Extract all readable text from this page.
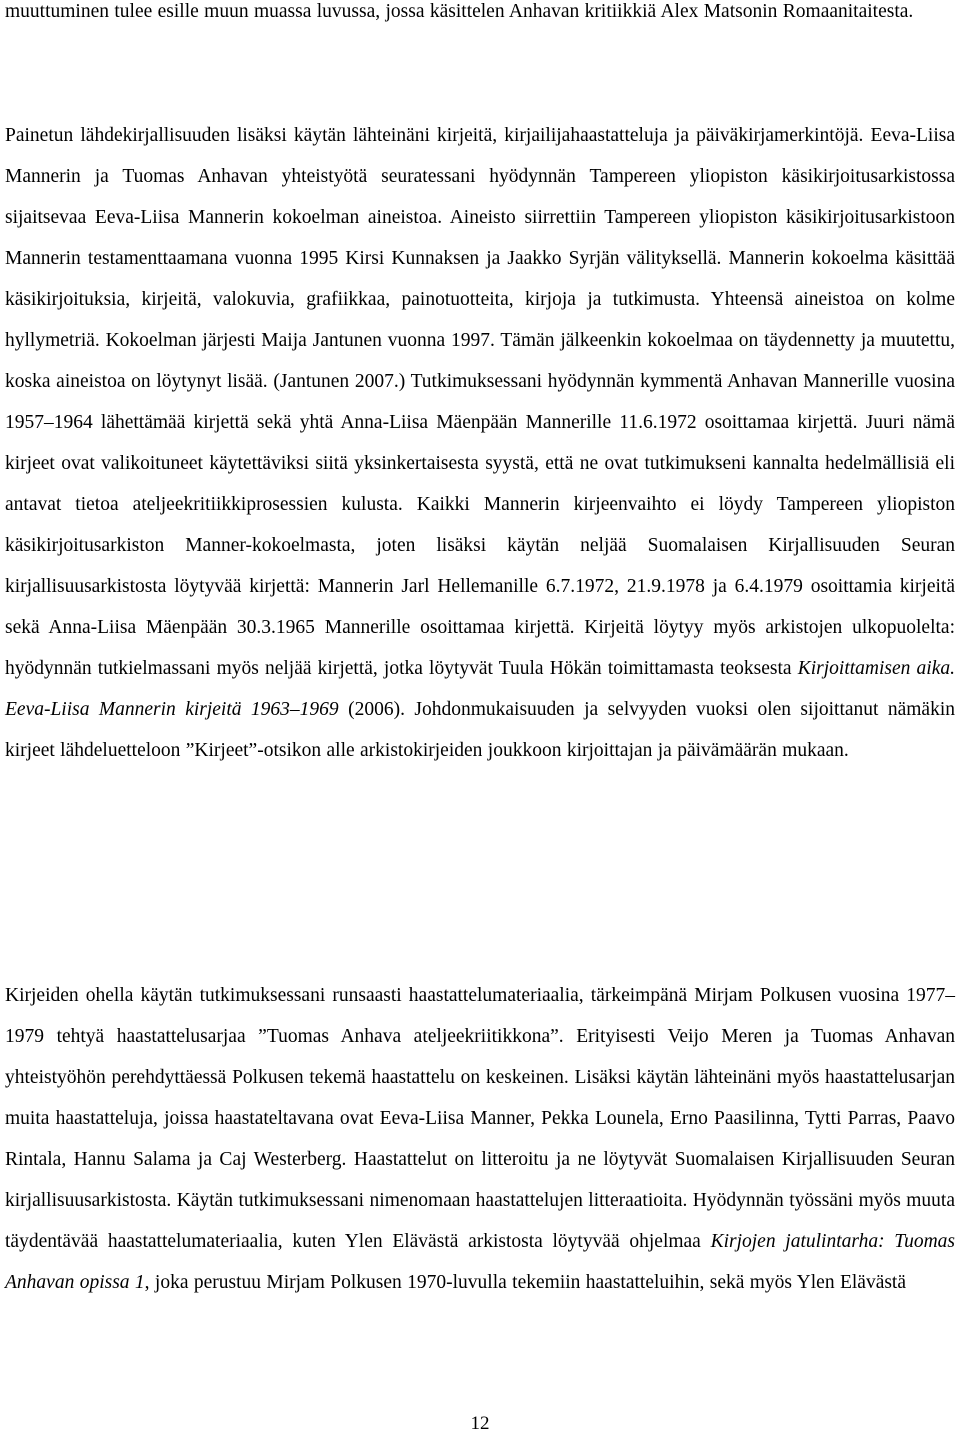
muuttuminen tulee esille muun muassa luvussa, jossa käsittelen Anhavan kritiikkiä Alex Matsonin Romaanitaitesta.

Painetun lähdekirjallisuuden lisäksi käytän lähteinäni kirjeitä, kirjailijahaastatteluja ja päiväkirjamerkintöjä. Eeva-Liisa Mannerin ja Tuomas Anhavan yhteistyötä seuratessani hyödynnän Tampereen yliopiston käsikirjoitusarkistossa sijaitsevaa Eeva-Liisa Mannerin kokoelman aineistoa. Aineisto siirrettiin Tampereen yliopiston käsikirjoitusarkistoon Mannerin testamenttaamana vuonna 1995 Kirsi Kunnaksen ja Jaakko Syrjän välityksellä. Mannerin kokoelma käsittää käsikirjoituksia, kirjeitä, valokuvia, grafiikkaa, painotuotteita, kirjoja ja tutkimusta. Yhteensä aineistoa on kolme hyllymetriä. Kokoelman järjesti Maija Jantunen vuonna 1997. Tämän jälkeenkin kokoelmaa on täydennetty ja muutettu, koska aineistoa on löytynyt lisää. (Jantunen 2007.) Tutkimuksessani hyödynnän kymmentä Anhavan Mannerille vuosina 1957–1964 lähettämää kirjettä sekä yhtä Anna-Liisa Mäenpään Mannerille 11.6.1972 osoittamaa kirjettä. Juuri nämä kirjeet ovat valikoituneet käytettäviksi siitä yksinkertaisesta syystä, että ne ovat tutkimukseni kannalta hedelmällisiä eli antavat tietoa ateljeekritiikkiprosessien kulusta. Kaikki Mannerin kirjeenvaihto ei löydy Tampereen yliopiston käsikirjoitusarkiston Manner-kokoelmasta, joten lisäksi käytän neljää Suomalaisen Kirjallisuuden Seuran kirjallisuusarkistosta löytyvää kirjettä: Mannerin Jarl Hellemanille 6.7.1972, 21.9.1978 ja 6.4.1979 osoittamia kirjeitä sekä Anna-Liisa Mäenpään 30.3.1965 Mannerille osoittamaa kirjettä. Kirjeitä löytyy myös arkistojen ulkopuolelta: hyödynnän tutkielmassani myös neljää kirjettä, jotka löytyvät Tuula Hökän toimittamasta teoksesta Kirjoittamisen aika. Eeva-Liisa Mannerin kirjeitä 1963–1969 (2006). Johdonmukaisuuden ja selvyyden vuoksi olen sijoittanut nämäkin kirjeet lähdeluetteloon ”Kirjeet”-otsikon alle arkistokirjeiden joukkoon kirjoittajan ja päivämäärän mukaan.

Kirjeiden ohella käytän tutkimuksessani runsaasti haastattelumateriaalia, tärkeimpänä Mirjam Polkusen vuosina 1977–1979 tehtyä haastattelusarjaa ”Tuomas Anhava ateljeekriitikkona”. Erityisesti Veijo Meren ja Tuomas Anhavan yhteistyöhön perehdyttäessä Polkusen tekemä haastattelu on keskeinen. Lisäksi käytän lähteinäni myös haastattelusarjan muita haastatteluja, joissa haastateltavana ovat Eeva-Liisa Manner, Pekka Lounela, Erno Paasilinna, Tytti Parras, Paavo Rintala, Hannu Salama ja Caj Westerberg. Haastattelut on litteroitu ja ne löytyvät Suomalaisen Kirjallisuuden Seuran kirjallisuusarkistosta. Käytän tutkimuksessani nimenomaan haastattelujen litteraatioita. Hyödynnän työssäni myös muuta täydentävää haastattelumateriaalia, kuten Ylen Elävästä arkistosta löytyvää ohjelmaa Kirjojen jatulintarha: Tuomas Anhavan opissa 1, joka perustuu Mirjam Polkusen 1970-luvulla tekemiin haastatteluihin, sekä myös Ylen Elävästä

12
